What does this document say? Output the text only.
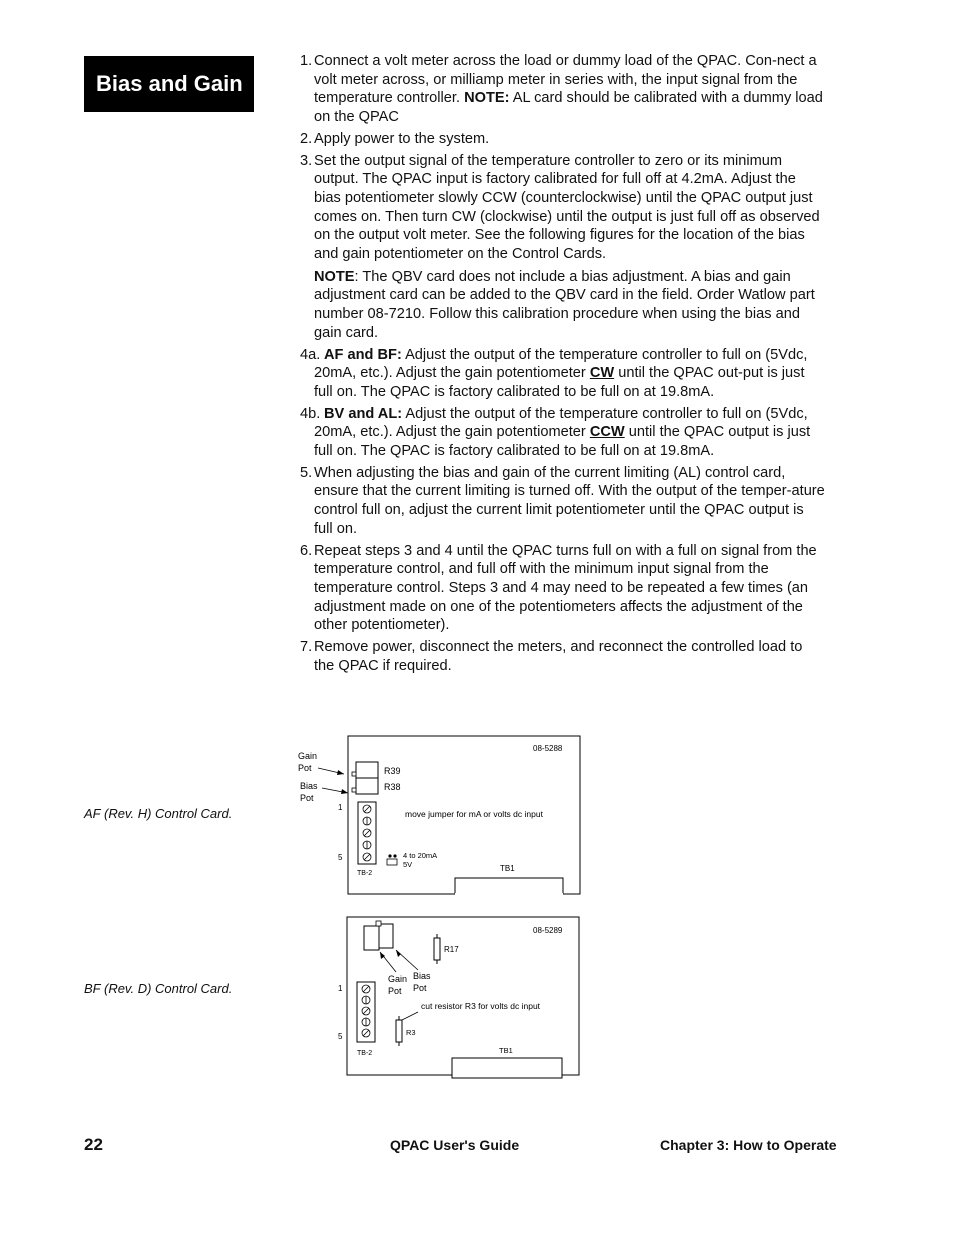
Bias and Gain
1. Connect a volt meter across the load or dummy load of the QPAC. Con-nect a volt meter across, or milliamp meter in series with, the input signal from the temperature controller. NOTE: AL card should be calibrated with a dummy load on the QPAC

2. Apply power to the system.

3. Set the output signal of the temperature controller to zero or its minimum output. The QPAC input is factory calibrated for full off at 4.2mA. Adjust the bias potentiometer slowly CCW (counterclockwise) until the QPAC output just comes on. Then turn CW (clockwise) until the output is just full off as observed on the output volt meter. See the following figures for the location of the bias and gain potentiometer on the Control Cards.

NOTE: The QBV card does not include a bias adjustment. A bias and gain adjustment card can be added to the QBV card in the field. Order Watlow part number 08-7210. Follow this calibration procedure when using the bias and gain card.

4a. AF and BF: Adjust the output of the temperature controller to full on (5Vdc, 20mA, etc.). Adjust the gain potentiometer CW until the QPAC out-put is just full on. The QPAC is factory calibrated to be full on at 19.8mA.

4b. BV and AL: Adjust the output of the temperature controller to full on (5Vdc, 20mA, etc.). Adjust the gain potentiometer CCW until the QPAC output is just full on. The QPAC is factory calibrated to be full on at 19.8mA.

5. When adjusting the bias and gain of the current limiting (AL) control card, ensure that the current limiting is turned off. With the output of the temper-ature control full on, adjust the current limit potentiometer until the QPAC output is full on.

6. Repeat steps 3 and 4 until the QPAC turns full on with a full on signal from the temperature control, and full off with the minimum input signal from the temperature control. Steps 3 and 4 may need to be repeated a few times (an adjustment made on one of the potentiometers affects the adjustment of the other potentiometer).

7. Remove power, disconnect the meters, and reconnect the controlled load to the QPAC if required.

AF (Rev. H) Control Card.
08-5288
R39
R38
Gain
Pot
Bias
Pot
1
5
TB-2
move jumper for mA or volts dc input
4 to 20mA
5V	TB1
BF (Rev. D) Control Card.
08-5289
R17
Gain
Pot
Bias
Pot
1
5
TB-2
cut resistor R3 for volts dc input
R3
TB1
22	QPAC User's Guide	Chapter 3: How to Operate
